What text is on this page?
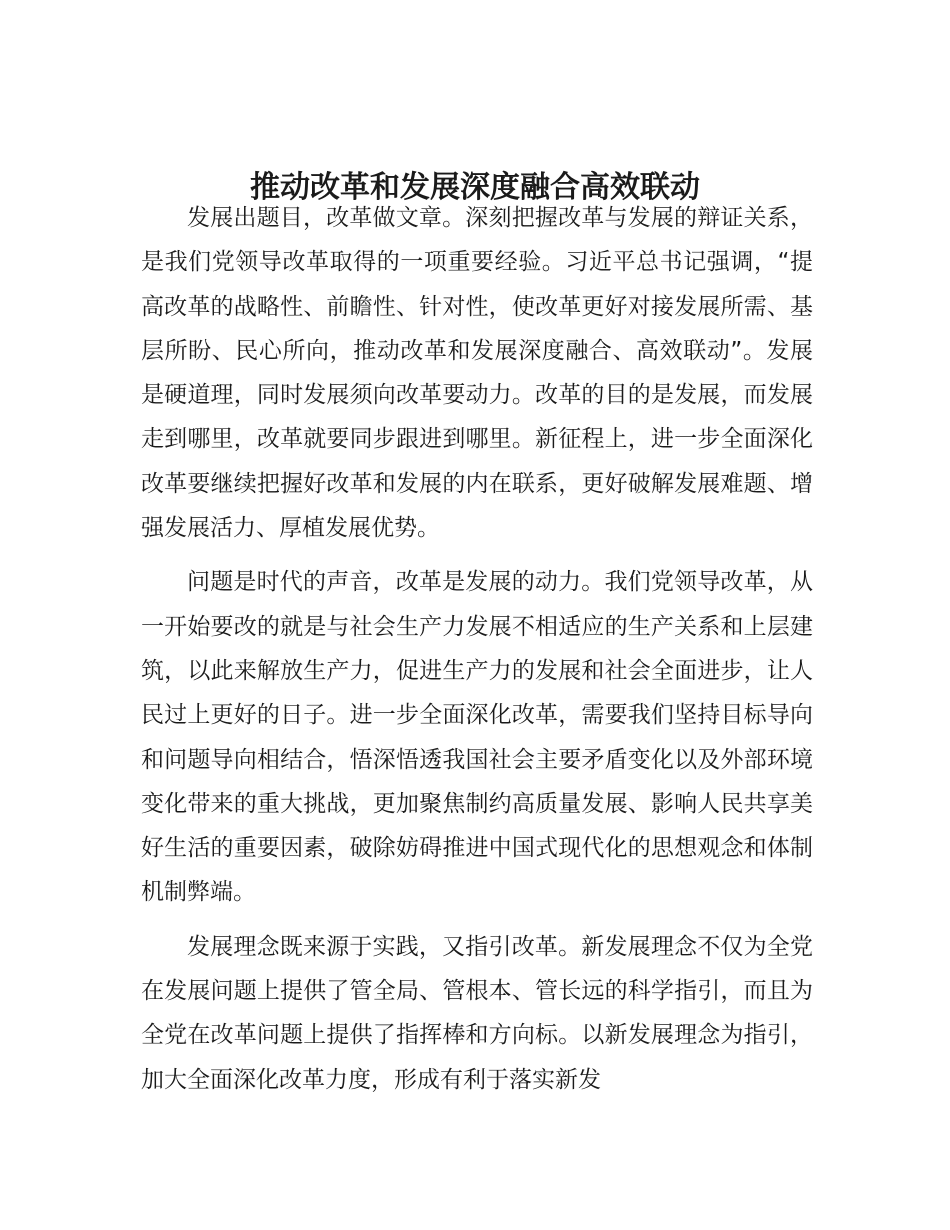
推动改革和发展深度融合高效联动

发展出题目，改革做文章。深刻把握改革与发展的辩证关系，是我们党领导改革取得的一项重要经验。习近平总书记强调，“提高改革的战略性、前瞻性、针对性，使改革更好对接发展所需、基层所盼、民心所向，推动改革和发展深度融合、高效联动”。发展是硬道理，同时发展须向改革要动力。改革的目的是发展，而发展走到哪里，改革就要同步跟进到哪里。新征程上，进一步全面深化改革要继续把握好改革和发展的内在联系，更好破解发展难题、增强发展活力、厚植发展优势。

问题是时代的声音，改革是发展的动力。我们党领导改革，从一开始要改的就是与社会生产力发展不相适应的生产关系和上层建筑，以此来解放生产力，促进生产力的发展和社会全面进步，让人民过上更好的日子。进一步全面深化改革，需要我们坚持目标导向和问题导向相结合，悟深悟透我国社会主要矛盾变化以及外部环境变化带来的重大挑战，更加聚焦制约高质量发展、影响人民共享美好生活的重要因素，破除妨碍推进中国式现代化的思想观念和体制机制弊端。

发展理念既来源于实践，又指引改革。新发展理念不仅为全党在发展问题上提供了管全局、管根本、管长远的科学指引，而且为全党在改革问题上提供了指挥棒和方向标。以新发展理念为指引，加大全面深化改革力度，形成有利于落实新发
